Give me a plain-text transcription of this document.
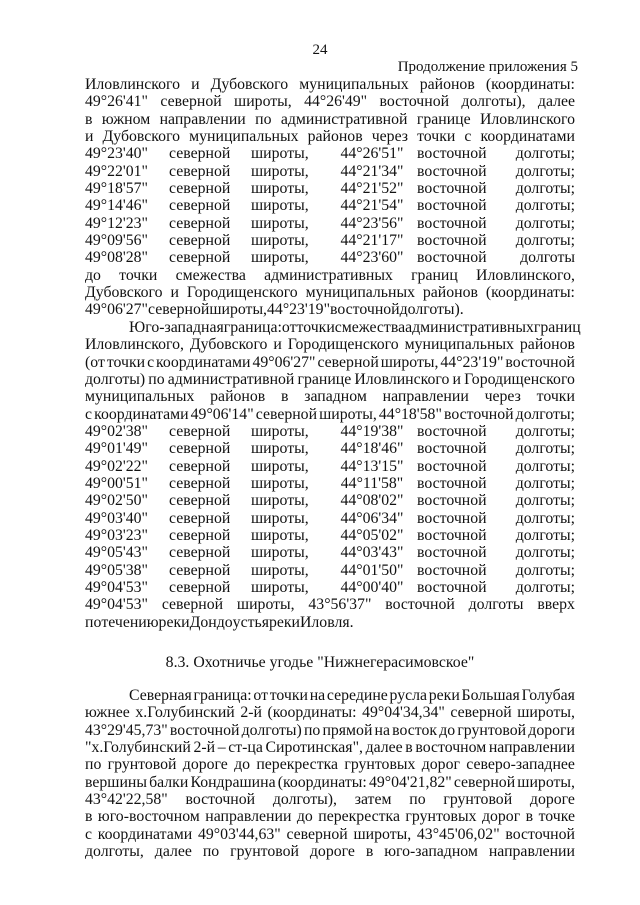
24
Продолжение приложения 5
Иловлинского и Дубовского муниципальных районов (координаты:
49°26'41" северной широты, 44°26'49" восточной долготы), далее
в южном направлении по административной границе Иловлинского
и Дубовского муниципальных районов через точки с координатами
49°23'40"	северной	широты,	44°26'51" восточной	долготы;
49°22'01"	северной	широты,	44°21'34" восточной	долготы;
49°18'57"	северной	широты,	44°21'52" восточной	долготы;
49°14'46"	северной	широты,	44°21'54" восточной	долготы;
49°12'23"	северной	широты,	44°23'56" восточной	долготы;
49°09'56"	северной	широты,	44°21'17" восточной	долготы;
49°08'28"	северной	широты,	44°23'60" восточной	долготы
до точки смежества административных границ Иловлинского,
Дубовского и Городищенского муниципальных районов (координаты:
49°06'27" северной широты, 44°23'19" восточной долготы).
Юго-западная граница: от точки смежества административных границ
Иловлинского, Дубовского и Городищенского муниципальных районов
(от точки с координатами 49°06'27" северной широты, 44°23'19" восточной
долготы) по административной границе Иловлинского и Городищенского
муниципальных районов в западном направлении через точки
с координатами 49°06'14" северной широты, 44°18'58" восточной долготы;
49°02'38"	северной	широты,	44°19'38" восточной	долготы;
49°01'49"	северной	широты,	44°18'46" восточной	долготы;
49°02'22"	северной	широты,	44°13'15" восточной	долготы;
49°00'51"	северной	широты,	44°11'58" восточной	долготы;
49°02'50"	северной	широты,	44°08'02" восточной	долготы;
49°03'40"	северной	широты,	44°06'34" восточной	долготы;
49°03'23"	северной	широты,	44°05'02" восточной	долготы;
49°05'43"	северной	широты,	44°03'43" восточной	долготы;
49°05'38"	северной	широты,	44°01'50" восточной	долготы;
49°04'53"	северной	широты,	44°00'40" восточной	долготы;
49°04'53" северной широты, 43°56'37" восточной долготы вверх
по течению реки Дон до устья реки Иловля.
8.3. Охотничье угодье "Нижнегерасимовское"
Северная граница: от точки на середине русла реки Большая Голубая
южнее х.Голубинский 2-й (координаты: 49°04'34,34" северной широты,
43°29'45,73" восточной долготы) по прямой на восток до грунтовой дороги
"х.Голубинский 2-й – ст-ца Сиротинская", далее в восточном направлении
по грунтовой дороге до перекрестка грунтовых дорог северо-западнее
вершины балки Кондрашина (координаты: 49°04'21,82" северной широты,
43°42'22,58" восточной долготы), затем по грунтовой дороге
в юго-восточном направлении до перекрестка грунтовых дорог в точке
с координатами 49°03'44,63" северной широты, 43°45'06,02" восточной
долготы, далее по грунтовой дороге в юго-западном направлении
